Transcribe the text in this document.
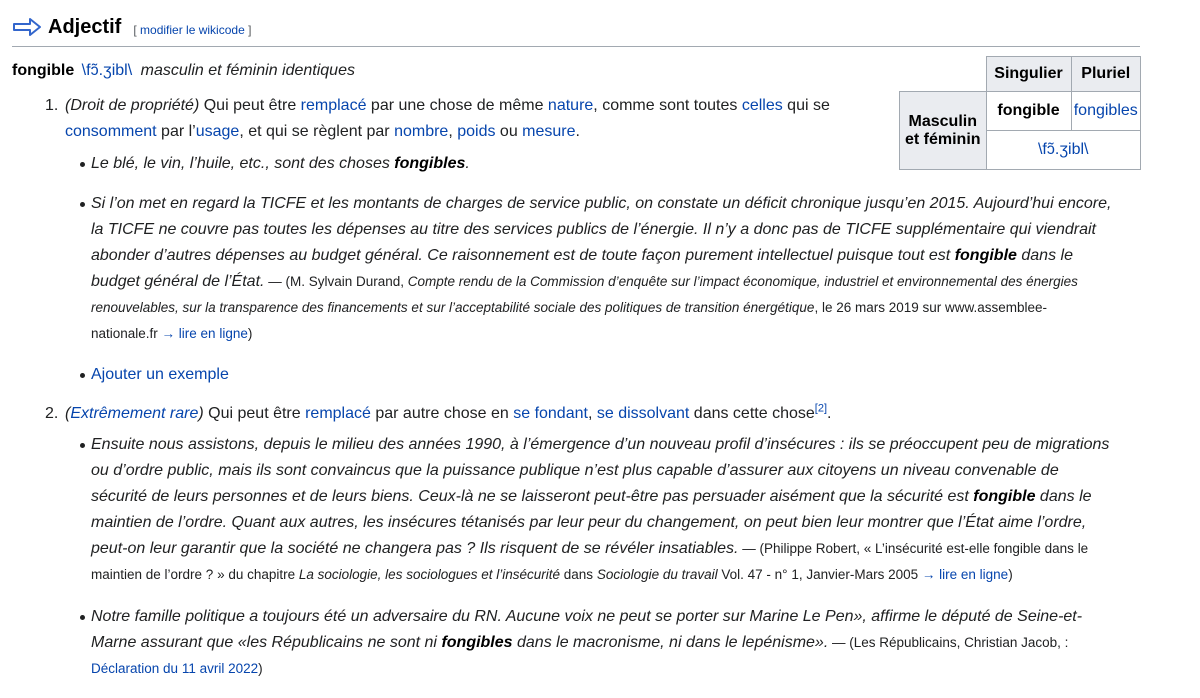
Adjectif [ modifier le wikicode ]
fongible \fɔ̃.ʒibl\ masculin et féminin identiques
		Singulier	Pluriel
Masculin
et féminin	fongible	fongibles
	\fɔ̃.ʒibl\	
1. (Droit de propriété) Qui peut être remplacé par une chose de même nature, comme sont toutes celles qui se
consomment par l’usage, et qui se règlent par nombre, poids ou mesure.
Le blé, le vin, l’huile, etc., sont des choses fongibles.
Si l’on met en regard la TICFE et les montants de charges de service public, on constate un déficit chronique jusqu’en 2015. Aujourd’hui encore,
la TICFE ne couvre pas toutes les dépenses au titre des services publics de l’énergie. Il n’y a donc pas de TICFE supplémentaire qui viendrait
abonder d’autres dépenses au budget général. Ce raisonnement est de toute façon purement intellectuel puisque tout est fongible dans le
budget général de l’État. — (M. Sylvain Durand, Compte rendu de la Commission d’enquête sur l’impact économique, industriel et environnemental des énergies
renouvelables, sur la transparence des financements et sur l’acceptabilité sociale des politiques de transition énergétique, le 26 mars 2019 sur www.assemblee-
nationale.fr → lire en ligne)
Ajouter un exemple
2. (Extrêmement rare) Qui peut être remplacé par autre chose en se fondant, se dissolvant dans cette chose[2].
Ensuite nous assistons, depuis le milieu des années 1990, à l’émergence d’un nouveau profil d’insécures : ils se préoccupent peu de migrations
ou d’ordre public, mais ils sont convaincus que la puissance publique n’est plus capable d’assurer aux citoyens un niveau convenable de
sécurité de leurs personnes et de leurs biens. Ceux-là ne se laisseront peut-être pas persuader aisément que la sécurité est fongible dans le
maintien de l’ordre. Quant aux autres, les insécures tétanisés par leur peur du changement, on peut bien leur montrer que l’État aime l’ordre,
peut-on leur garantir que la société ne changera pas ? Ils risquent de se révéler insatiables. — (Philippe Robert, « L’insécurité est-elle fongible dans le
maintien de l’ordre ? » du chapitre La sociologie, les sociologues et l’insécurité dans Sociologie du travail Vol. 47 - n° 1, Janvier-Mars 2005 → lire en ligne)
Notre famille politique a toujours été un adversaire du RN. Aucune voix ne peut se porter sur Marine Le Pen», affirme le député de Seine-et-
Marne assurant que «les Républicains ne sont ni fongibles dans le macronisme, ni dans le lepénisme». — (Les Républicains, Christian Jacob, :
Déclaration du 11 avril 2022)
